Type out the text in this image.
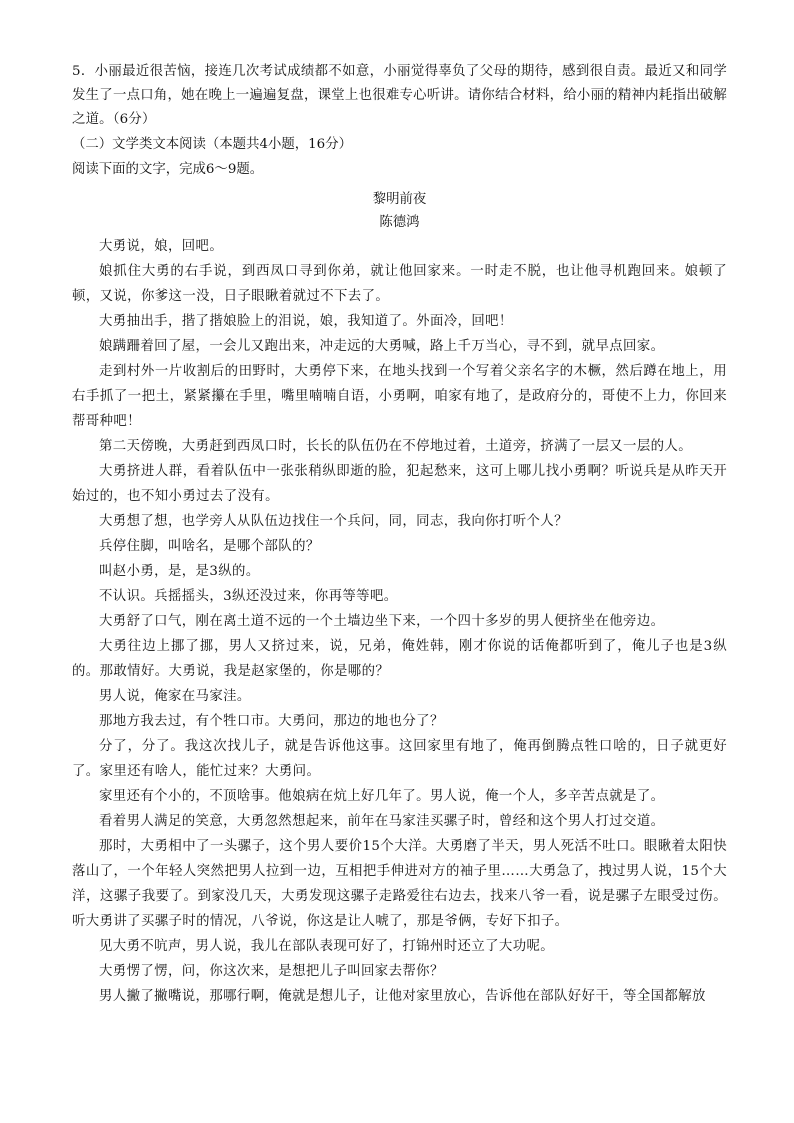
5．小丽最近很苦恼，接连几次考试成绩都不如意，小丽觉得辜负了父母的期待，感到很自责。最近又和同学发生了一点口角，她在晚上一遍遍复盘，课堂上也很难专心听讲。请你结合材料，给小丽的精神内耗指出破解之道。（6分）
（二）文学类文本阅读（本题共4小题，16分）
阅读下面的文字，完成6～9题。
黎明前夜
陈德鸿

大勇说，娘，回吧。

娘抓住大勇的右手说，到西凤口寻到你弟，就让他回家来。一时走不脱，也让他寻机跑回来。娘顿了顿，又说，你爹这一没，日子眼瞅着就过不下去了。

大勇抽出手，揩了揩娘脸上的泪说，娘，我知道了。外面冷，回吧！

娘蹒跚着回了屋，一会儿又跑出来，冲走远的大勇喊，路上千万当心，寻不到，就早点回家。

走到村外一片收割后的田野时，大勇停下来，在地头找到一个写着父亲名字的木橛，然后蹲在地上，用右手抓了一把土，紧紧攥在手里，嘴里喃喃自语，小勇啊，咱家有地了，是政府分的，哥使不上力，你回来帮哥种吧！

第二天傍晚，大勇赶到西凤口时，长长的队伍仍在不停地过着，土道旁，挤满了一层又一层的人。

大勇挤进人群，看着队伍中一张张稍纵即逝的脸，犯起愁来，这可上哪儿找小勇啊？听说兵是从昨天开始过的，也不知小勇过去了没有。

大勇想了想，也学旁人从队伍边找住一个兵问，同，同志，我向你打听个人？

兵停住脚，叫啥名，是哪个部队的？

叫赵小勇，是，是3纵的。

不认识。兵摇摇头，3纵还没过来，你再等等吧。

大勇舒了口气，刚在离土道不远的一个土墙边坐下来，一个四十多岁的男人便挤坐在他旁边。

大勇往边上挪了挪，男人又挤过来，说，兄弟，俺姓韩，刚才你说的话俺都听到了，俺儿子也是3纵的。那敢情好。大勇说，我是赵家堡的，你是哪的？

男人说，俺家在马家洼。

那地方我去过，有个牲口市。大勇问，那边的地也分了？

分了，分了。我这次找儿子，就是告诉他这事。这回家里有地了，俺再倒腾点牲口啥的，日子就更好了。家里还有啥人，能忙过来？大勇问。

家里还有个小的，不顶啥事。他娘病在炕上好几年了。男人说，俺一个人，多辛苦点就是了。

看着男人满足的笑意，大勇忽然想起来，前年在马家洼买骡子时，曾经和这个男人打过交道。

那时，大勇相中了一头骡子，这个男人要价15个大洋。大勇磨了半天，男人死活不吐口。眼瞅着太阳快落山了，一个年轻人突然把男人拉到一边，互相把手伸进对方的袖子里……大勇急了，拽过男人说，15个大洋，这骡子我要了。到家没几天，大勇发现这骡子走路爱往右边去，找来八爷一看，说是骡子左眼受过伤。听大勇讲了买骡子时的情况，八爷说，你这是让人唬了，那是爷俩，专好下扣子。

见大勇不吭声，男人说，我儿在部队表现可好了，打锦州时还立了大功呢。

大勇愣了愣，问，你这次来，是想把儿子叫回家去帮你？

男人撇了撇嘴说，那哪行啊，俺就是想儿子，让他对家里放心，告诉他在部队好好干，等全国都解放
